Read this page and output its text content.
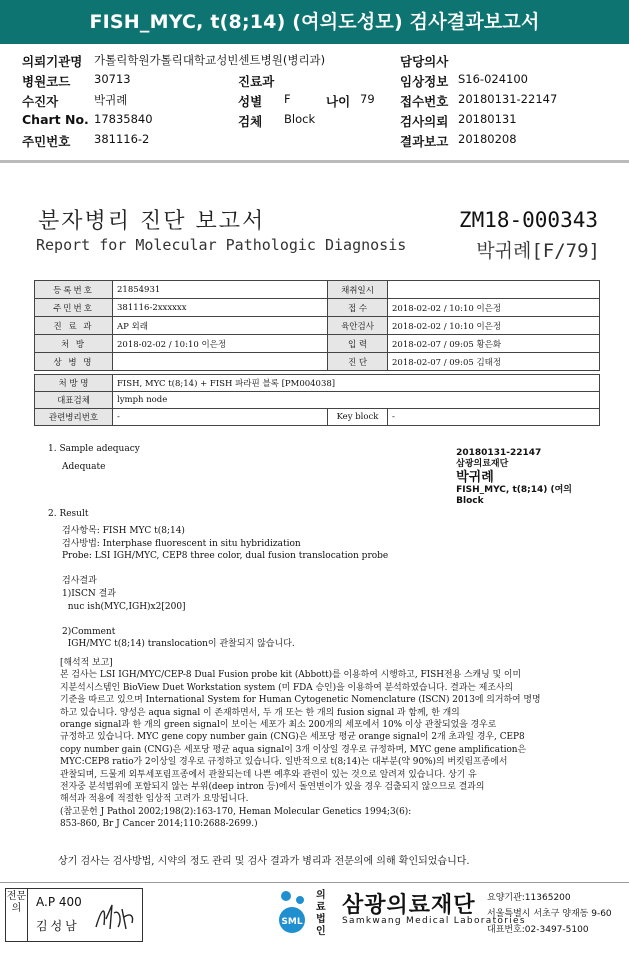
FISH_MYC, t(8;14) (여의도성모) 검사결과보고서
의뢰기관명 가톨릭학원가톨릭대학교성빈센트병원(병리과)	담당의사
병원코드 30713	진료과	임상정보 S16-024100
수진자	박귀례	성별 F	나이 79 접수번호 20180131-22147
Chart No. 17835840	검체 Block	검사의뢰 20180131
주민번호 381116-2	결과보고 20180208
분자병리 진단 보고서
Report for Molecular Pathologic Diagnosis
ZM18-000343
박귀례[F/79]
등록번호	21854931	채취일시	
주민번호	381116-2xxxxxx	접 수	2018-02-02 / 10:10 이은정
진 료 과	AP 외래	육안검사	2018-02-02 / 10:10 이은정
처 방	2018-02-02 / 10:10 이은정	입 력	2018-02-07 / 09:05 황은화
상 병 명		진 단	2018-02-07 / 09:05 김태정
처 방 명	FISH, MYC t(8;14) + FISH 파라핀 블록 [PM004038]		
대표검체	lymph node		
관련병리번호	-	Key block	-
1. Sample adequacy
Adequate
20180131-22147
삼광의료재단
박귀례
FISH_MYC, t(8;14) (여의
Block
2. Result
검사항목: FISH MYC t(8;14)
검사방법: Interphase fluorescent in situ hybridization
Probe: LSI IGH/MYC, CEP8 three color, dual fusion translocation probe

검사결과
1)ISCN 결과
nuc ish(MYC,IGH)x2[200]

2)Comment
IGH/MYC t(8;14) translocation이 관찰되지 않습니다.
[해석적 보고]
본 검사는 LSI IGH/MYC/CEP-8 Dual Fusion probe kit (Abbott)를 이용하여 시행하고, FISH전용 스캐닝 및 이미
지분석시스템인 BioView Duet Workstation system (미 FDA 승인)을 이용하여 분석하였습니다. 결과는 제조사의
기준을 따르고 있으며 International System for Human Cytogenetic Nomenclature (ISCN) 2013에 의거하여 명명
하고 있습니다. 양성은 aqua signal 이 존재하면서, 두 개 또는 한 개의 fusion signal 과 함께, 한 개의
orange signal과 한 개의 green signal이 보이는 세포가 최소 200개의 세포에서 10% 이상 관찰되었을 경우로
규정하고 있습니다. MYC gene copy number gain (CNG)은 세포당 평균 orange signal이 2개 초과일 경우, CEP8
copy number gain (CNG)은 세포당 평균 aqua signal이 3개 이상일 경우로 규정하며, MYC gene amplification은
MYC:CEP8 ratio가 2이상일 경우로 규정하고 있습니다. 일반적으로 t(8;14)는 대부분(약 90%)의 버킷림프종에서
관찰되며, 드물게 외투세포림프종에서 관찰되는데 나쁜 예후와 관련이 있는 것으로 알려져 있습니다. 상기 유
전자중 분석범위에 포함되지 않는 부위(deep intron 등)에서 돌연변이가 있을 경우 검출되지 않으므로 결과의
해석과 적용에 적절한 임상적 고려가 요망됩니다.
(참고문헌 J Pathol 2002;198(2):163-170, Heman Molecular Genetics 1994;3(6):
853-860, Br J Cancer 2014;110:2688-2699.)
상기 검사는 검사방법, 시약의 정도 관리 및 검사 결과가 병리과 전문의에 의해 확인되었습니다.
전문의	A.P 400
김성남	SML
의료
법인
삼광의료재단
Samkwang Medical Laboratories
요양기관:11365200
서울특별시 서초구 양재동 9-60
대표번호:02-3497-5100
